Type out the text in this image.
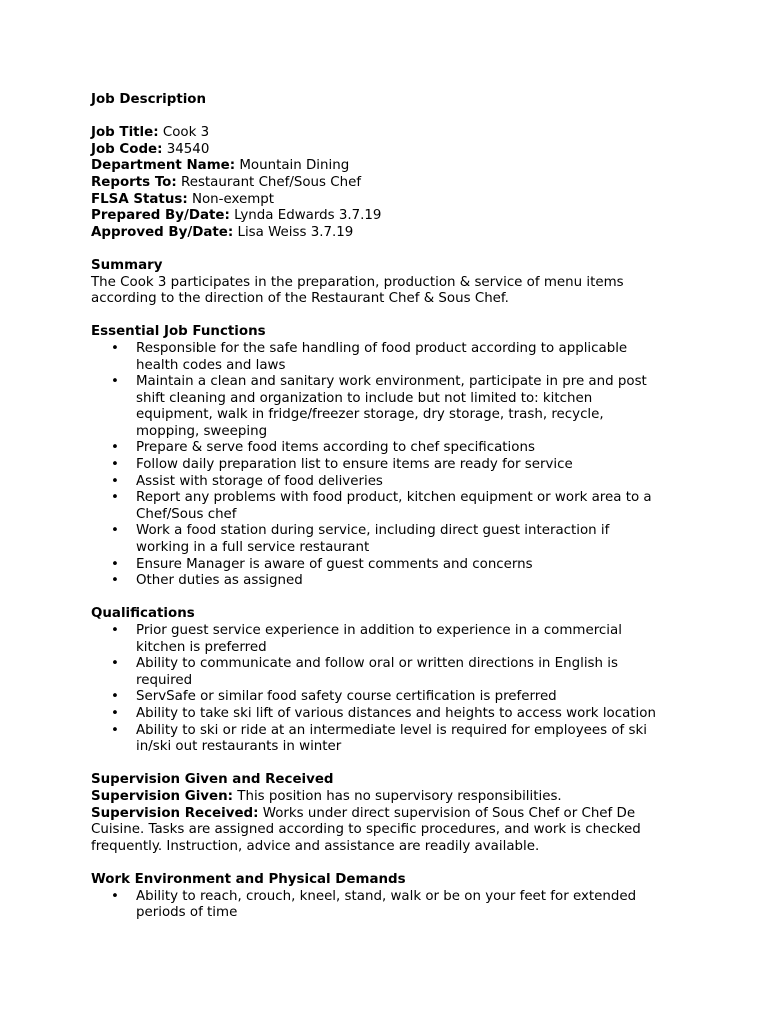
Job Description
Job Title: Cook 3
Job Code: 34540
Department Name: Mountain Dining
Reports To: Restaurant Chef/Sous Chef
FLSA Status: Non-exempt
Prepared By/Date: Lynda Edwards 3.7.19
Approved By/Date: Lisa Weiss 3.7.19
Summary
The Cook 3 participates in the preparation, production & service of menu items
according to the direction of the Restaurant Chef & Sous Chef.
Essential Job Functions
• Responsible for the safe handling of food product according to applicable
health codes and laws
• Maintain a clean and sanitary work environment, participate in pre and post
shift cleaning and organization to include but not limited to: kitchen
equipment, walk in fridge/freezer storage, dry storage, trash, recycle,
mopping, sweeping
• Prepare & serve food items according to chef specifications
• Follow daily preparation list to ensure items are ready for service
• Assist with storage of food deliveries
• Report any problems with food product, kitchen equipment or work area to a
Chef/Sous chef
• Work a food station during service, including direct guest interaction if
working in a full service restaurant
• Ensure Manager is aware of guest comments and concerns
• Other duties as assigned
Qualifications
• Prior guest service experience in addition to experience in a commercial
kitchen is preferred
• Ability to communicate and follow oral or written directions in English is
required
• ServSafe or similar food safety course certification is preferred
• Ability to take ski lift of various distances and heights to access work location
• Ability to ski or ride at an intermediate level is required for employees of ski
in/ski out restaurants in winter
Supervision Given and Received
Supervision Given: This position has no supervisory responsibilities.
Supervision Received: Works under direct supervision of Sous Chef or Chef De
Cuisine. Tasks are assigned according to specific procedures, and work is checked
frequently. Instruction, advice and assistance are readily available.
Work Environment and Physical Demands
• Ability to reach, crouch, kneel, stand, walk or be on your feet for extended
periods of time
